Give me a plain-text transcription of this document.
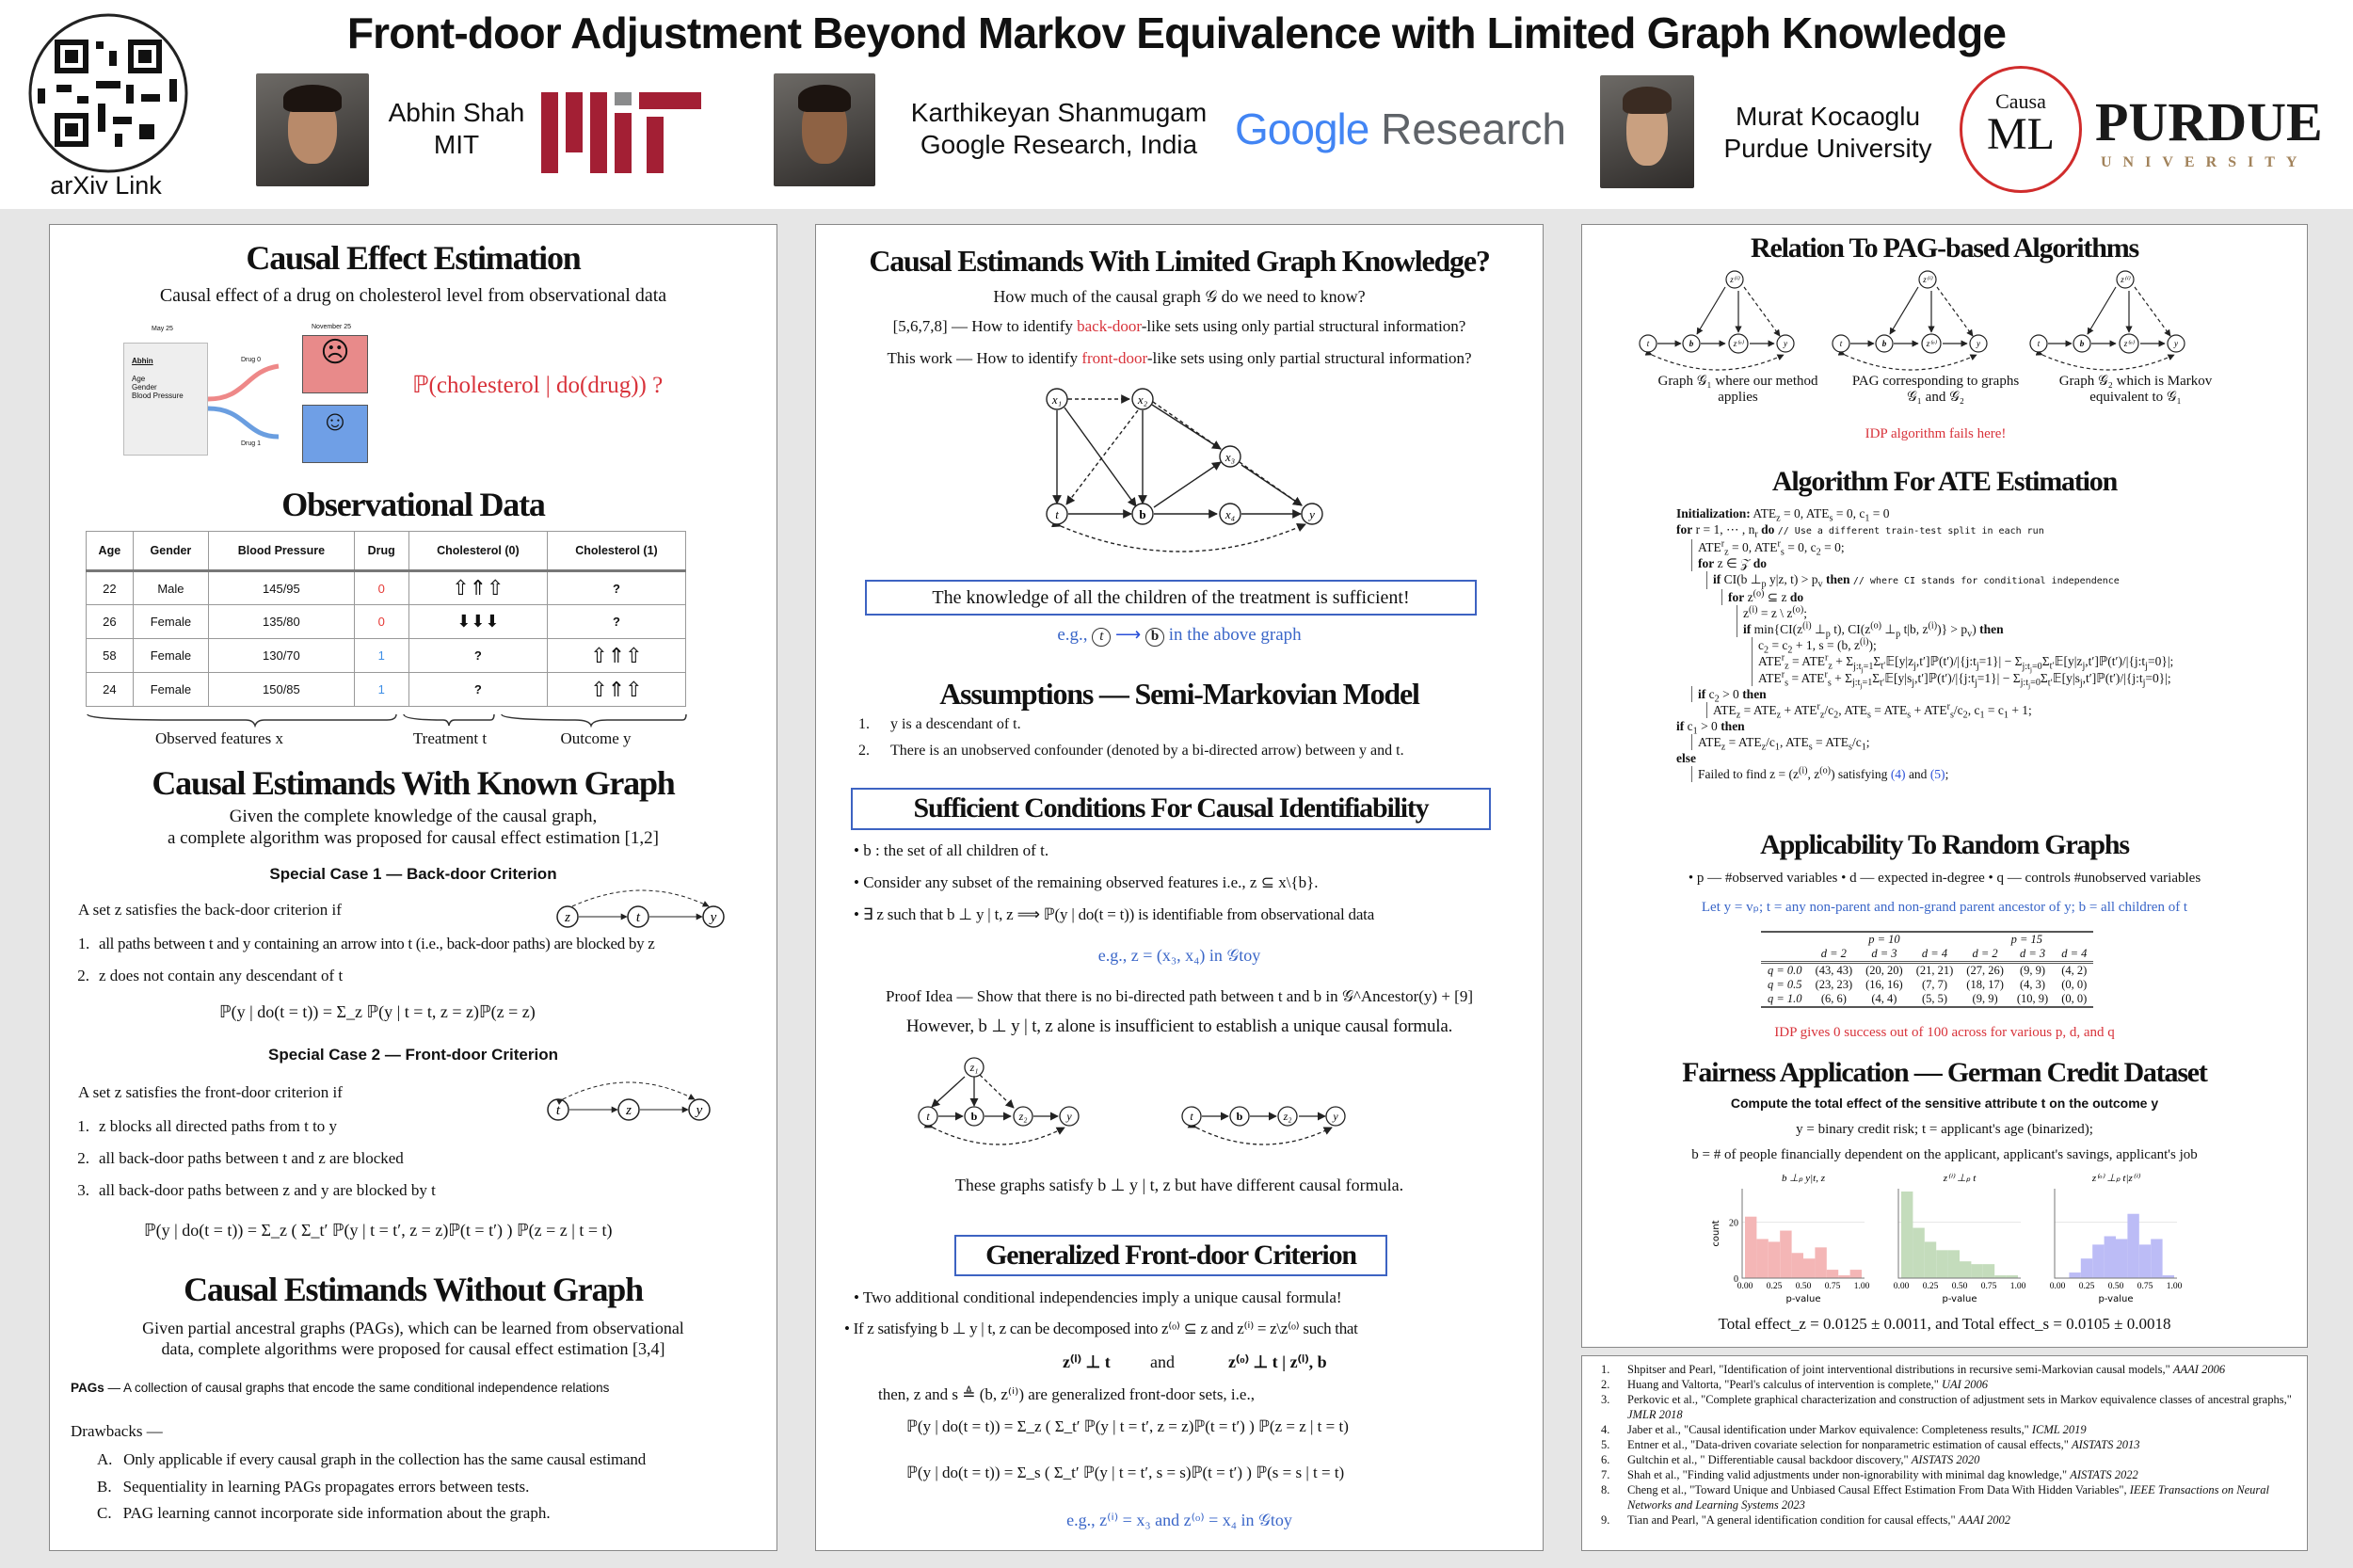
arXiv Link
Front-door Adjustment Beyond Markov Equivalence with Limited Graph Knowledge
Abhin Shah
MIT
Karthikeyan Shanmugam
Google Research, India Google Research	Murat Kocaoglu
Purdue University
Causa
ML PURDUE
UNIVERSITY
Causal Effect Estimation
Causal effect of a drug on cholesterol level from observational data
Abhin
Age
Gender
Blood Pressure
May 25	November 25
Drug 0
Drug 1
☹
☺
ℙ(cholesterol | do(drug)) ?
Observational Data
Age	Gender	Blood Pressure	Drug	Cholesterol (0)	Cholesterol (1)
22	Male	145/95	0	⇧⇑⇧	?
26	Female	135/80	0	⬇⬇⬇	?
58	Female	130/70	1	?	⇧⇑⇧
24	Female	150/85	1	?	⇧⇑⇧
Observed features x	Treatment t	Outcome y
Causal Estimands With Known Graph
Given the complete knowledge of the causal graph,
a complete algorithm was proposed for causal effect estimation [1,2]
Special Case 1 — Back-door Criterion
A set z satisfies the back-door criterion if	z	t	y
1. all paths between t and y containing an arrow into t (i.e., back-door paths) are blocked by z
2. z does not contain any descendant of t
ℙ(y | do(t = t)) = Σ_z ℙ(y | t = t, z = z)ℙ(z = z)
Special Case 2 — Front-door Criterion
A set z satisfies the front-door criterion if
t	z	y
1. z blocks all directed paths from t to y
2. all back-door paths between t and z are blocked
3. all back-door paths between z and y are blocked by t
ℙ(y | do(t = t)) = Σ_z ( Σ_t′ ℙ(y | t = t′, z = z)ℙ(t = t′) ) ℙ(z = z | t = t)
Causal Estimands Without Graph
Given partial ancestral graphs (PAGs), which can be learned from observational
data, complete algorithms were proposed for causal effect estimation [3,4]
PAGs — A collection of causal graphs that encode the same conditional independence relations
Drawbacks —
A. Only applicable if every causal graph in the collection has the same causal estimand
B. Sequentiality in learning PAGs propagates errors between tests.
C. PAG learning cannot incorporate side information about the graph.
Causal Estimands With Limited Graph Knowledge?
How much of the causal graph 𝒢 do we need to know?
[5,6,7,8] — How to identify back-door-like sets using only partial structural information?
This work — How to identify front-door-like sets using only partial structural information?
x₁	x₂
x₃
x₄
t	b	y
The knowledge of all the children of the treatment is sufficient!
e.g., t ⟶ b in the above graph
Assumptions — Semi-Markovian Model
1. y is a descendant of t.
2. There is an unobserved confounder (denoted by a bi-directed arrow) between y and t.
Sufficient Conditions For Causal Identifiability
• b : the set of all children of t.
• Consider any subset of the remaining observed features i.e., z ⊆ x\{b}.
• ∃ z such that b ⊥ y | t, z ⟹ ℙ(y | do(t = t)) is identifiable from observational data
e.g., z = (x₃, x₄) in 𝒢toy
Proof Idea — Show that there is no bi-directed path between t and b in 𝒢^Ancestor(y) + [9]
However, b ⊥ y | t, z alone is insufficient to establish a unique causal formula.
z₁
t	b	z₂	y	t	b	z₂	y
These graphs satisfy b ⊥ y | t, z but have different causal formula.
Generalized Front-door Criterion
• Two additional conditional independencies imply a unique causal formula!
• If z satisfying b ⊥ y | t, z can be decomposed into z⁽ᵒ⁾ ⊆ z and z⁽ⁱ⁾ = z\z⁽ᵒ⁾ such that
z⁽ⁱ⁾ ⊥ t and	z⁽ᵒ⁾ ⊥ t | z⁽ⁱ⁾, b
then, z and s ≜ (b, z⁽ⁱ⁾) are generalized front-door sets, i.e.,
ℙ(y | do(t = t)) = Σ_z ( Σ_t′ ℙ(y | t = t′, z = z)ℙ(t = t′) ) ℙ(z = z | t = t)
ℙ(y | do(t = t)) = Σ_s ( Σ_t′ ℙ(y | t = t′, s = s)ℙ(t = t′) ) ℙ(s = s | t = t)
e.g., z⁽ⁱ⁾ = x₃ and z⁽ᵒ⁾ = x₄ in 𝒢toy
Relation To PAG-based Algorithms
z⁽ⁱ⁾
t	b	z⁽ᵒ⁾	y
z⁽ⁱ⁾
t	b	z⁽ᵒ⁾	y
z⁽ⁱ⁾
t	b	z⁽ᵒ⁾	y
Graph 𝒢₁ where our method applies
PAG corresponding to graphs 𝒢₁ and 𝒢₂
Graph 𝒢₂ which is Markov equivalent to 𝒢₁
IDP algorithm fails here!
Algorithm For ATE Estimation
Initialization: $ATE_z = 0$, $ATE_s = 0$, $c_1 = 0$
for r = 1, ⋯ , $n_r$ do // Use a different train-test split in each run
$ATE^r_z = 0$, $ATE^r_s = 0$, $c_2 = 0$;
for z ∈ 𝒵 do
if CI(b $\perp_p$ y|z, $t) > p_v$ then // where CI stands for conditional independence
for $z^{(o)}$ ⊆ z do
$z^{(i)} = z$ \ $z^{(o)}$;
if $\min\{CI(z^{(i)}$ $\perp_p$ t), $CI(z^{(o)}$ $\perp_p$ t|b, $z^{(i)})\} > p_v$) then
$c_2 = c_2 + 1$, s = (b, $z^{(i)}$);
$ATE^r_z = ATE^r_z$ + $\Sigma_{j:t_j=1}\Sigma_{t'}𝔼[y|z_j,t']ℙ(t')/|\{j:t_j=1\}|$ − $\Sigma_{j:t_j=0}\Sigma_{t'}𝔼[y|z_j,t']ℙ(t')/|\{j:t_j=0\}|$;
$ATE^r_s = ATE^r_s$ + $\Sigma_{j:t_j=1}\Sigma_{t'}𝔼[y|s_j,t']ℙ(t')/|\{j:t_j=1\}|$ − $\Sigma_{j:t_j=0}\Sigma_{t'}𝔼[y|s_j,t']ℙ(t')/|\{j:t_j=0\}|$;
if $c_2 > 0$ then
$ATE_z = ATE_z + ATE^r_z/c_2$, $ATE_s = ATE_s + ATE^r_s/c_2$, $c_1 = c_1 + 1$;
if $c_1 > 0$ then
$ATE_z = ATE_z/c_1$, $ATE_s = ATE_s/c_1$;
else
Failed to find $z = (z^{(i)}$, $z^{(o)}$) satisfying (4) and (5);
Applicability To Random Graphs
• p — #observed variables • d — expected in-degree • q — controls #unobserved variables
Let y = vₚ; t = any non-parent and non-grand parent ancestor of y; b = all children of t
	p = 10			p = 15		
	d = 2	d = 3	d = 4	d = 2	d = 3	d = 4
q = 0.0	(43, 43)	(20, 20)	(21, 21)	(27, 26)	(9, 9)	(4, 2)
q = 0.5	(23, 23)	(16, 16)	(7, 7)	(18, 17)	(4, 3)	(0, 0)
q = 1.0	(6, 6)	(4, 4)	(5, 5)	(9, 9)	(10, 9)	(0, 0)
IDP gives 0 success out of 100 across for various p, d, and q
Fairness Application — German Credit Dataset
Compute the total effect of the sensitive attribute t on the outcome y
y = binary credit risk; t = applicant's age (binarized);
b = # of people financially dependent on the applicant, applicant's savings, applicant's job
b ⊥ₚ y|t, z
0.00 0.25 0.50 0.75 1.00
p-value
z⁽ⁱ⁾ ⊥ₚ t
0.00 0.25 0.50 0.75 1.00
p-value
z⁽ᵒ⁾ ⊥ₚ t|z⁽ⁱ⁾
0.00 0.25 0.50 0.75 1.00
p-value
0
20
count
Total effect_z = 0.0125 ± 0.0011, and Total effect_s = 0.0105 ± 0.0018
1.	Shpitser and Pearl, "Identification of joint interventional distributions in recursive semi-Markovian causal models," AAAI 2006
2.	Huang and Valtorta, "Pearl's calculus of intervention is complete," UAI 2006
3.	Perkovic et al., "Complete graphical characterization and construction of adjustment sets in Markov equivalence classes of ancestral graphs," JMLR 2018
4.	Jaber et al., "Causal identification under Markov equivalence: Completeness results," ICML 2019
5.	Entner et al., "Data-driven covariate selection for nonparametric estimation of causal effects," AISTATS 2013
6.	Gultchin et al., " Differentiable causal backdoor discovery," AISTATS 2020
7.	Shah et al., "Finding valid adjustments under non-ignorability with minimal dag knowledge," AISTATS 2022
8.	Cheng et al., "Toward Unique and Unbiased Causal Effect Estimation From Data With Hidden Variables", IEEE Transactions on Neural Networks and Learning Systems 2023
9.	Tian and Pearl, "A general identification condition for causal effects," AAAI 2002
